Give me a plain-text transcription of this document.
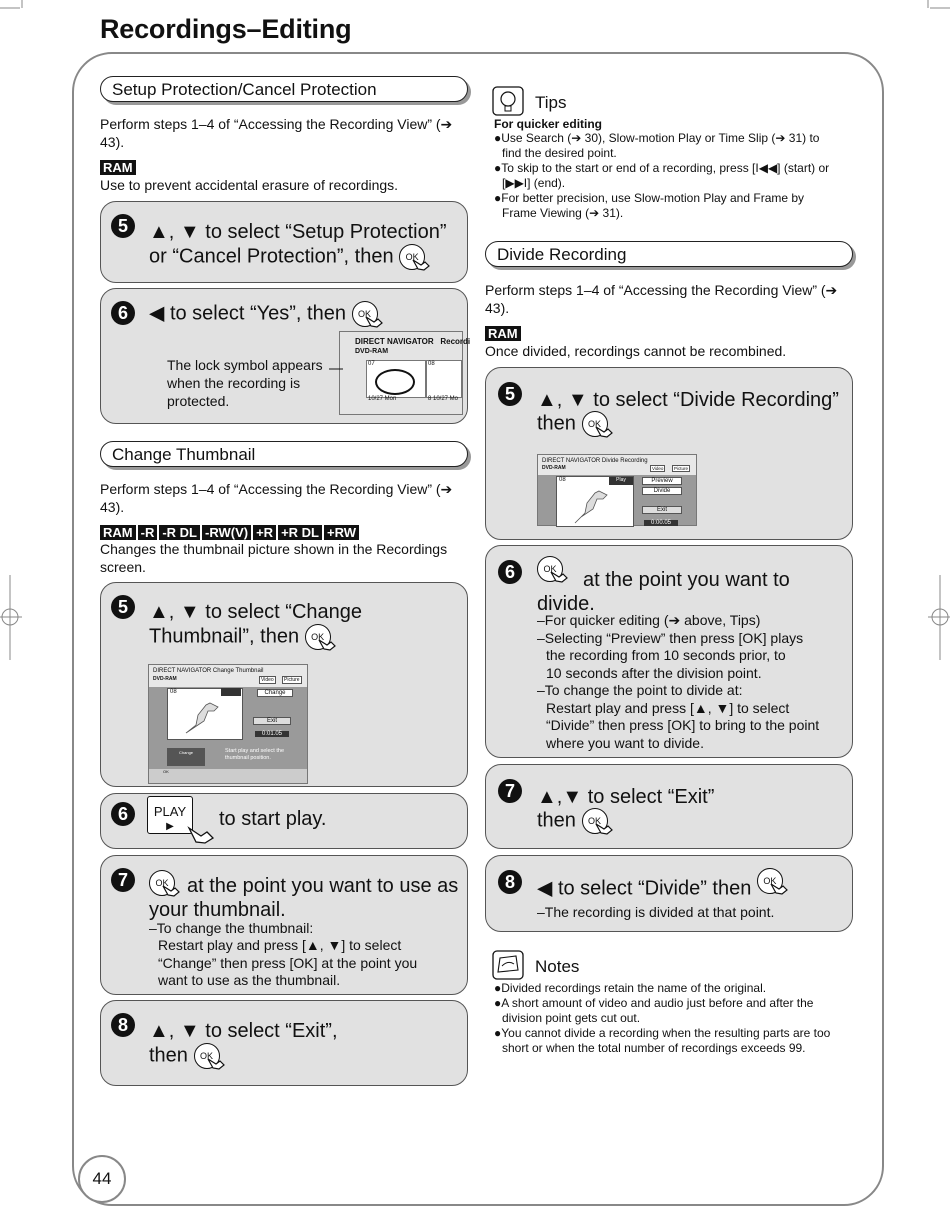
Recordings–Editing
Setup Protection/Cancel Protection
Perform steps 1–4 of “Accessing the Recording View” (➔ 43).
RAM
Use to prevent accidental erasure of recordings.
5	▲, ▼ to select “Setup Protection” or “Cancel Protection”, then OK
6	◀ to select “Yes”, then OK
The lock symbol appears when the recording is protected.
DIRECT NAVIGATOR Recordi
DVD-RAM
07	08
10/27 Mon	8 10/27 Mo
Change Thumbnail
Perform steps 1–4 of “Accessing the Recording View” (➔ 43).
RAM -R -R DL -RW(V) +R +R DL +RW
Changes the thumbnail picture shown in the Recordings screen.
5	▲, ▼ to select “Change Thumbnail”, then OK
DIRECT NAVIGATOR Change Thumbnail
DVD-RAM	Video	Picture
08	Change
Exit
0:01.05
Change	Start play and select the thumbnail position.
OK
6	PLAY
▶	to start play.
7	OK at the point you want to use as your thumbnail.
–To change the thumbnail:
Restart play and press [▲, ▼] to select “Change” then press [OK] at the point you want to use as the thumbnail.
8	▲, ▼ to select “Exit”,
then OK
Tips
For quicker editing
●Use Search (➔ 30), Slow-motion Play or Time Slip (➔ 31) to find the desired point.
●To skip to the start or end of a recording, press [I◀◀] (start) or [▶▶I] (end).
●For better precision, use Slow-motion Play and Frame by Frame Viewing (➔ 31).
Divide Recording
Perform steps 1–4 of “Accessing the Recording View” (➔ 43).
RAM
Once divided, recordings cannot be recombined.
5	▲, ▼ to select “Divide Recording”
then OK
DIRECT NAVIGATOR Divide Recording
DVD-RAM	Video	Picture
08	Play	Preview
Divide
Exit
0:00.05
6	at the point you want to divide.
OK
–For quicker editing (➔ above, Tips)
–Selecting “Preview” then press [OK] plays
the recording from 10 seconds prior, to
10 seconds after the division point.
–To change the point to divide at:
Restart play and press [▲, ▼] to select
“Divide” then press [OK] to bring to the point
where you want to divide.
7	▲,▼ to select “Exit”
then OK
8	◀ to select “Divide” then OK
–The recording is divided at that point.
Notes
●Divided recordings retain the name of the original.
●A short amount of video and audio just before and after the division point gets cut out.
●You cannot divide a recording when the resulting parts are too short or when the total number of recordings exceeds 99.
44
